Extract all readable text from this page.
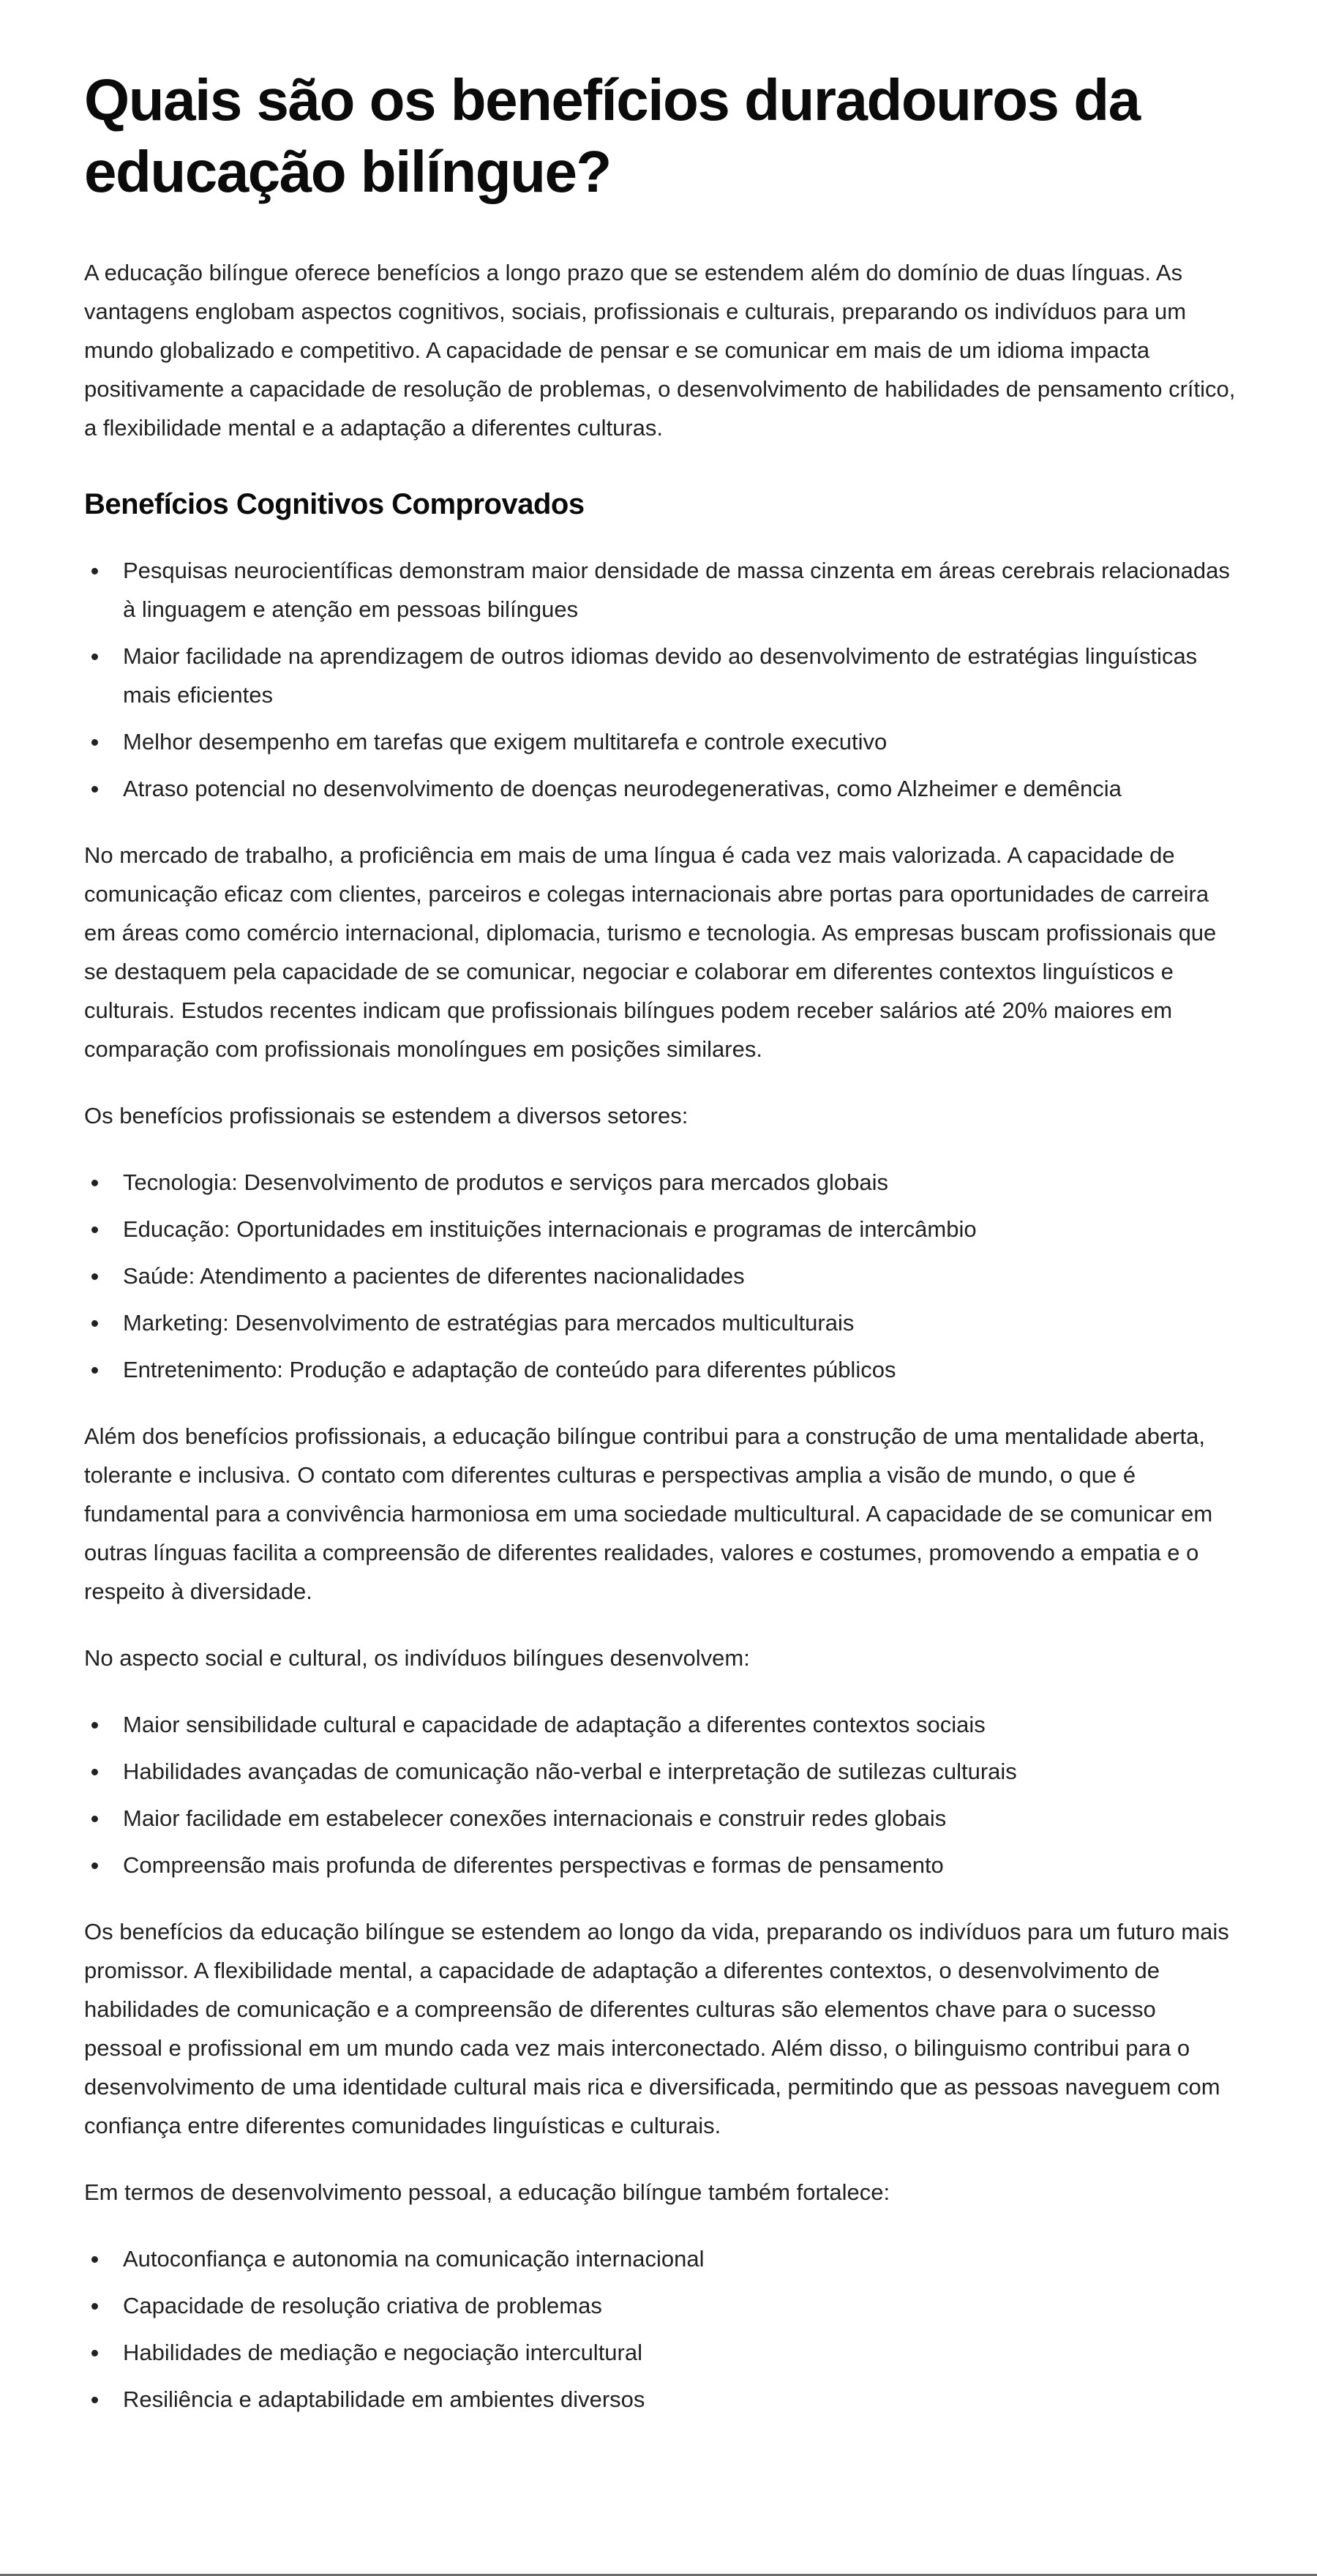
Quais são os benefícios duradouros da educação bilíngue?

A educação bilíngue oferece benefícios a longo prazo que se estendem além do domínio de duas línguas. As vantagens englobam aspectos cognitivos, sociais, profissionais e culturais, preparando os indivíduos para um mundo globalizado e competitivo. A capacidade de pensar e se comunicar em mais de um idioma impacta positivamente a capacidade de resolução de problemas, o desenvolvimento de habilidades de pensamento crítico, a flexibilidade mental e a adaptação a diferentes culturas.

Benefícios Cognitivos Comprovados
Pesquisas neurocientíficas demonstram maior densidade de massa cinzenta em áreas cerebrais relacionadas à linguagem e atenção em pessoas bilíngues
Maior facilidade na aprendizagem de outros idiomas devido ao desenvolvimento de estratégias linguísticas mais eficientes
Melhor desempenho em tarefas que exigem multitarefa e controle executivo
Atraso potencial no desenvolvimento de doenças neurodegenerativas, como Alzheimer e demência

No mercado de trabalho, a proficiência em mais de uma língua é cada vez mais valorizada. A capacidade de comunicação eficaz com clientes, parceiros e colegas internacionais abre portas para oportunidades de carreira em áreas como comércio internacional, diplomacia, turismo e tecnologia. As empresas buscam profissionais que se destaquem pela capacidade de se comunicar, negociar e colaborar em diferentes contextos linguísticos e culturais. Estudos recentes indicam que profissionais bilíngues podem receber salários até 20% maiores em comparação com profissionais monolíngues em posições similares.

Os benefícios profissionais se estendem a diversos setores:

Tecnologia: Desenvolvimento de produtos e serviços para mercados globais
Educação: Oportunidades em instituições internacionais e programas de intercâmbio
Saúde: Atendimento a pacientes de diferentes nacionalidades
Marketing: Desenvolvimento de estratégias para mercados multiculturais
Entretenimento: Produção e adaptação de conteúdo para diferentes públicos

Além dos benefícios profissionais, a educação bilíngue contribui para a construção de uma mentalidade aberta, tolerante e inclusiva. O contato com diferentes culturas e perspectivas amplia a visão de mundo, o que é fundamental para a convivência harmoniosa em uma sociedade multicultural. A capacidade de se comunicar em outras línguas facilita a compreensão de diferentes realidades, valores e costumes, promovendo a empatia e o respeito à diversidade.

No aspecto social e cultural, os indivíduos bilíngues desenvolvem:

Maior sensibilidade cultural e capacidade de adaptação a diferentes contextos sociais
Habilidades avançadas de comunicação não-verbal e interpretação de sutilezas culturais
Maior facilidade em estabelecer conexões internacionais e construir redes globais
Compreensão mais profunda de diferentes perspectivas e formas de pensamento

Os benefícios da educação bilíngue se estendem ao longo da vida, preparando os indivíduos para um futuro mais promissor. A flexibilidade mental, a capacidade de adaptação a diferentes contextos, o desenvolvimento de habilidades de comunicação e a compreensão de diferentes culturas são elementos chave para o sucesso pessoal e profissional em um mundo cada vez mais interconectado. Além disso, o bilinguismo contribui para o desenvolvimento de uma identidade cultural mais rica e diversificada, permitindo que as pessoas naveguem com confiança entre diferentes comunidades linguísticas e culturais.

Em termos de desenvolvimento pessoal, a educação bilíngue também fortalece:

Autoconfiança e autonomia na comunicação internacional
Capacidade de resolução criativa de problemas
Habilidades de mediação e negociação intercultural
Resiliência e adaptabilidade em ambientes diversos
